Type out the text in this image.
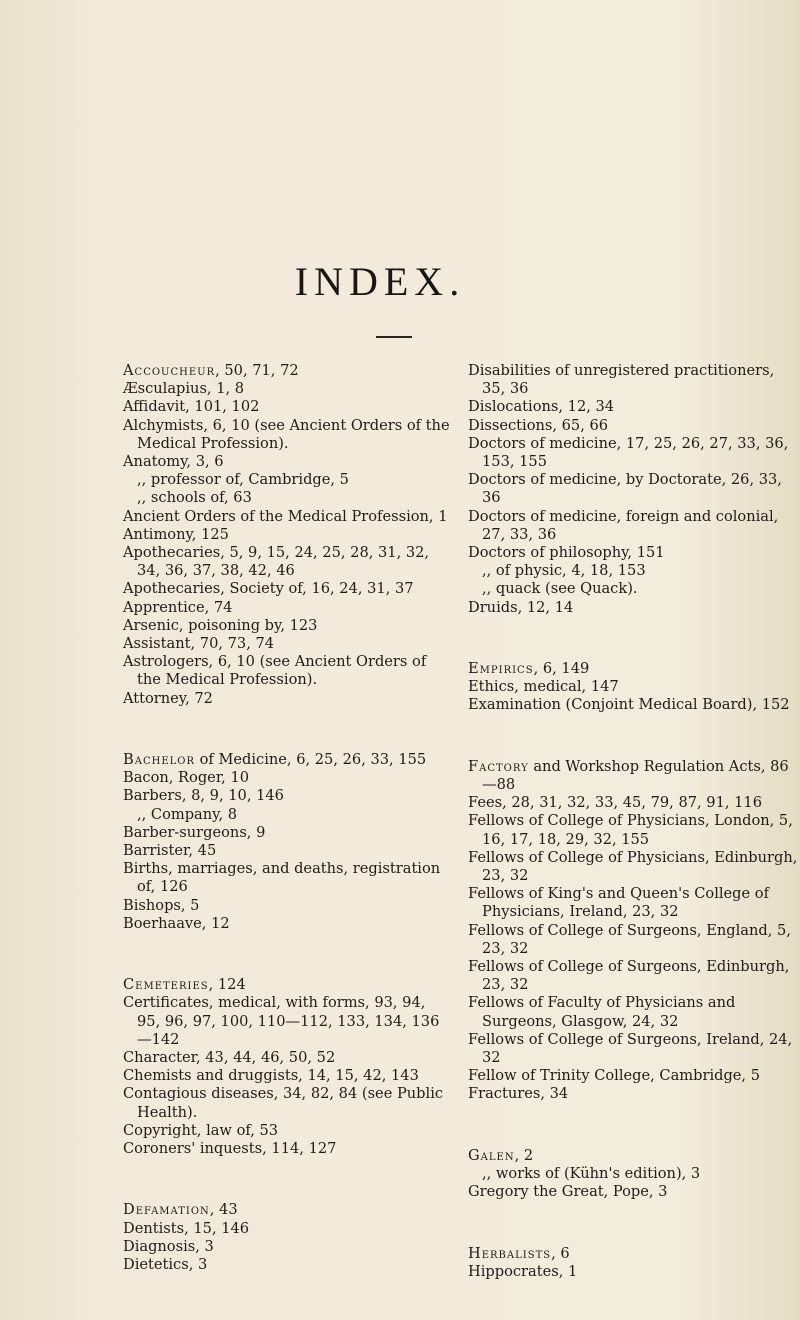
INDEX.

Accoucheur, 50, 71, 72

Æsculapius, 1, 8

Affidavit, 101, 102

Alchymists, 6, 10 (see Ancient Orders of the Medical Profession).

Anatomy, 3, 6

,, professor of, Cambridge, 5

,, schools of, 63

Ancient Orders of the Medical Profession, 1

Antimony, 125

Apothecaries, 5, 9, 15, 24, 25, 28, 31, 32, 34, 36, 37, 38, 42, 46

Apothecaries, Society of, 16, 24, 31, 37

Apprentice, 74

Arsenic, poisoning by, 123

Assistant, 70, 73, 74

Astrologers, 6, 10 (see Ancient Orders of the Medical Profession).

Attorney, 72

Bachelor of Medicine, 6, 25, 26, 33, 155

Bacon, Roger, 10

Barbers, 8, 9, 10, 146

,, Company, 8

Barber-surgeons, 9

Barrister, 45

Births, marriages, and deaths, registration of, 126

Bishops, 5

Boerhaave, 12

Cemeteries, 124

Certificates, medical, with forms, 93, 94, 95, 96, 97, 100, 110—112, 133, 134, 136—142

Character, 43, 44, 46, 50, 52

Chemists and druggists, 14, 15, 42, 143

Contagious diseases, 34, 82, 84 (see Public Health).

Copyright, law of, 53

Coroners' inquests, 114, 127

Defamation, 43

Dentists, 15, 146

Diagnosis, 3

Dietetics, 3

Disabilities of unregistered practitioners, 35, 36

Dislocations, 12, 34

Dissections, 65, 66

Doctors of medicine, 17, 25, 26, 27, 33, 36, 153, 155

Doctors of medicine, by Doctorate, 26, 33, 36

Doctors of medicine, foreign and colonial, 27, 33, 36

Doctors of philosophy, 151

,, of physic, 4, 18, 153

,, quack (see Quack).

Druids, 12, 14

Empirics, 6, 149

Ethics, medical, 147

Examination (Conjoint Medical Board), 152

Factory and Workshop Regulation Acts, 86—88

Fees, 28, 31, 32, 33, 45, 79, 87, 91, 116

Fellows of College of Physicians, London, 5, 16, 17, 18, 29, 32, 155

Fellows of College of Physicians, Edinburgh, 23, 32

Fellows of King's and Queen's College of Physicians, Ireland, 23, 32

Fellows of College of Surgeons, England, 5, 23, 32

Fellows of College of Surgeons, Edinburgh, 23, 32

Fellows of Faculty of Physicians and Surgeons, Glasgow, 24, 32

Fellows of College of Surgeons, Ireland, 24, 32

Fellow of Trinity College, Cambridge, 5

Fractures, 34

Galen, 2

,, works of (Kühn's edition), 3

Gregory the Great, Pope, 3

Herbalists, 6

Hippocrates, 1
